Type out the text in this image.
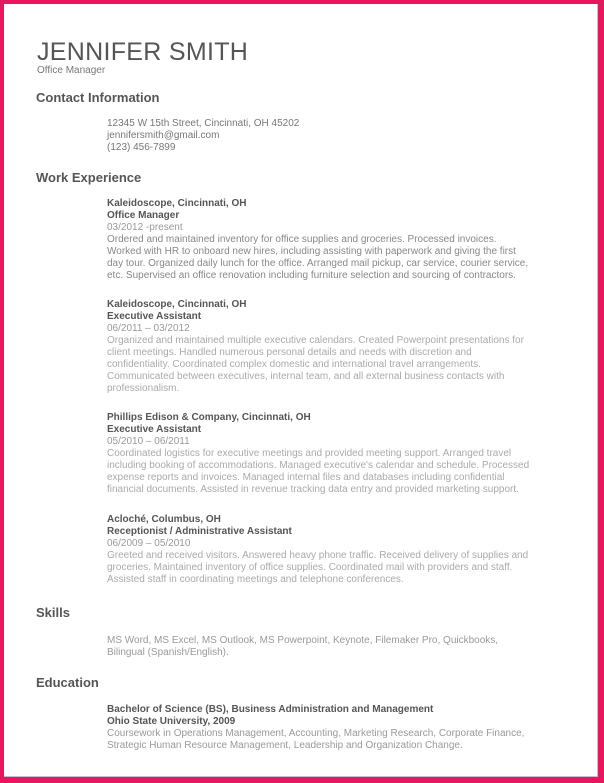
JENNIFER SMITH
Office Manager
Contact Information
12345 W 15th Street, Cincinnati, OH 45202
jennifersmith@gmail.com
(123) 456-7899
Work Experience
Kaleidoscope, Cincinnati, OH
Office Manager
03/2012 -present
Ordered and maintained inventory for office supplies and groceries. Processed invoices.
Worked with HR to onboard new hires, including assisting with paperwork and giving the first
day tour. Organized daily lunch for the office. Arranged mail pickup, car service, courier service,
etc. Supervised an office renovation including furniture selection and sourcing of contractors.
Kaleidoscope, Cincinnati, OH
Executive Assistant
06/2011 – 03/2012
Organized and maintained multiple executive calendars. Created Powerpoint presentations for
client meetings. Handled numerous personal details and needs with discretion and
confidentiality. Coordinated complex domestic and international travel arrangements.
Communicated between executives, internal team, and all external business contacts with
professionalism.
Phillips Edison & Company, Cincinnati, OH
Executive Assistant
05/2010 – 06/2011
Coordinated logistics for executive meetings and provided meeting support. Arranged travel
including booking of accommodations. Managed executive's calendar and schedule. Processed
expense reports and invoices. Managed internal files and databases including confidential
financial documents. Assisted in revenue tracking data entry and provided marketing support.
Acloché, Columbus, OH
Receptionist / Administrative Assistant
06/2009 – 05/2010
Greeted and received visitors. Answered heavy phone traffic. Received delivery of supplies and
groceries. Maintained inventory of office supplies. Coordinated mail with providers and staff.
Assisted staff in coordinating meetings and telephone conferences.
Skills
MS Word, MS Excel, MS Outlook, MS Powerpoint, Keynote, Filemaker Pro, Quickbooks,
Bilingual (Spanish/English).
Education
Bachelor of Science (BS), Business Administration and Management
Ohio State University, 2009
Coursework in Operations Management, Accounting, Marketing Research, Corporate Finance,
Strategic Human Resource Management, Leadership and Organization Change.
